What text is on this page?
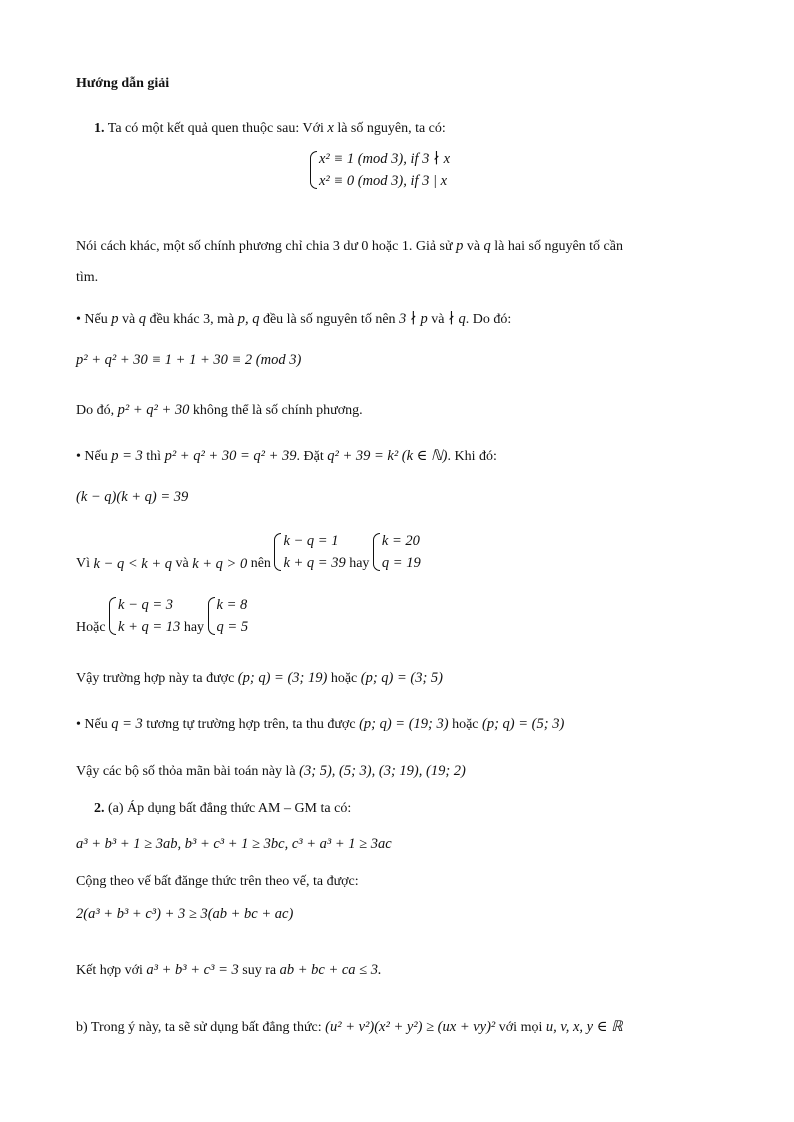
Hướng dẫn giải
1. Ta có một kết quả quen thuộc sau: Với x là số nguyên, ta có:
x² ≡ 1 (mod 3), if 3 ∤ x
x² ≡ 0 (mod 3), if 3 | x
Nói cách khác, một số chính phương chỉ chia 3 dư 0 hoặc 1. Giả sử p và q là hai số nguyên tố cần
tìm.
• Nếu p và q đều khác 3, mà p, q đều là số nguyên tố nên 3 ∤ p và ∤ q. Do đó:
p² + q² + 30 ≡ 1 + 1 + 30 ≡ 2 (mod 3)
Do đó, p² + q² + 30 không thể là số chính phương.
• Nếu p = 3 thì p² + q² + 30 = q² + 39. Đặt q² + 39 = k² (k ∈ ℕ). Khi đó:
(k − q)(k + q) = 39
Vì k − q < k + q và k + q > 0 nên
k − q = 1
k + q = 39 hay
k = 20
q = 19
Hoặc
k − q = 3
k + q = 13 hay
k = 8
q = 5
Vậy trường hợp này ta được (p; q) = (3; 19) hoặc (p; q) = (3; 5)
• Nếu q = 3 tương tự trường hợp trên, ta thu được (p; q) = (19; 3) hoặc (p; q) = (5; 3)
Vậy các bộ số thỏa mãn bài toán này là (3; 5), (5; 3), (3; 19), (19; 2)
2. (a) Áp dụng bất đẳng thức AM – GM ta có:
a³ + b³ + 1 ≥ 3ab, b³ + c³ + 1 ≥ 3bc, c³ + a³ + 1 ≥ 3ac
Cộng theo vế bất đănge thức trên theo vế, ta được:
2(a³ + b³ + c³) + 3 ≥ 3(ab + bc + ac)
Kết hợp với a³ + b³ + c³ = 3 suy ra ab + bc + ca ≤ 3.
b) Trong ý này, ta sẽ sử dụng bất đẳng thức: (u² + v²)(x² + y²) ≥ (ux + vy)² với mọi u, v, x, y ∈ ℝ
